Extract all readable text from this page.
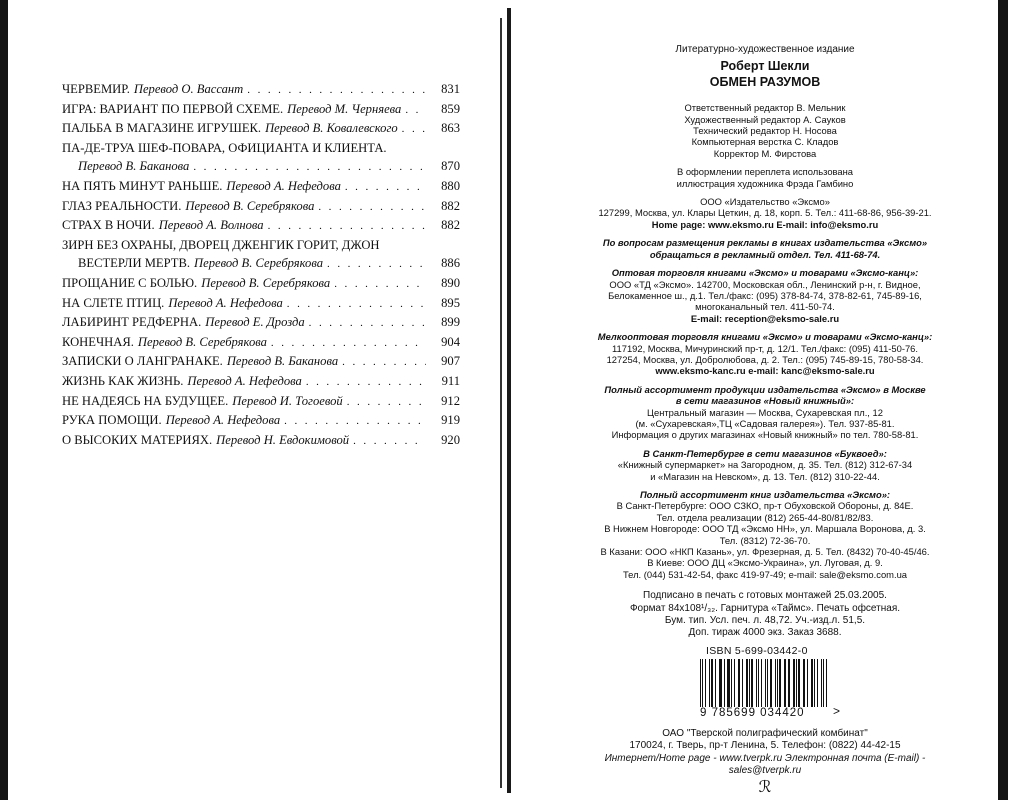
ЧЕРВЕМИР. Перевод О. Вассант . . .	831
ИГРА: ВАРИАНТ ПО ПЕРВОЙ СХЕМЕ. Перевод М. Черняева . . .	859
ПАЛЬБА В МАГАЗИНЕ ИГРУШЕК. Перевод В. Ковалевского . . .	863
ПА-ДЕ-ТРУА ШЕФ-ПОВАРА, ОФИЦИАНТА И КЛИЕНТА.
Перевод В. Баканова . . .	870
НА ПЯТЬ МИНУТ РАНЬШЕ. Перевод А. Нефедова . . .	880
ГЛАЗ РЕАЛЬНОСТИ. Перевод В. Серебрякова . . .	882
СТРАХ В НОЧИ. Перевод А. Волнова . . .	882
ЗИРН БЕЗ ОХРАНЫ, ДВОРЕЦ ДЖЕНГИК ГОРИТ, ДЖОН
ВЕСТЕРЛИ МЕРТВ. Перевод В. Серебрякова . . .	886
ПРОЩАНИЕ С БОЛЬЮ. Перевод В. Серебрякова . . .	890
НА СЛЕТЕ ПТИЦ. Перевод А. Нефедова . . .	895
ЛАБИРИНТ РЕДФЕРНА. Перевод Е. Дрозда . . .	899
КОНЕЧНАЯ. Перевод В. Серебрякова . . .	904
ЗАПИСКИ О ЛАНГРАНАКЕ. Перевод В. Баканова . . .	907
ЖИЗНЬ КАК ЖИЗНЬ. Перевод А. Нефедова . . .	911
НЕ НАДЕЯСЬ НА БУДУЩЕЕ. Перевод И. Тогоевой . . .	912
РУКА ПОМОЩИ. Перевод А. Нефедова . . .	919
О ВЫСОКИХ МАТЕРИЯХ. Перевод Н. Евдокимовой . . .	920
Литературно-художественное издание
Роберт Шекли
ОБМЕН РАЗУМОВ
Ответственный редактор В. Мельник
Художественный редактор А. Сауков
Технический редактор Н. Носова
Компьютерная верстка С. Кладов
Корректор М. Фирстова
В оформлении переплета использована
иллюстрация художника Фрэда Гамбино
ООО «Издательство «Эксмо»
127299, Москва, ул. Клары Цеткин, д. 18, корп. 5. Тел.: 411-68-86, 956-39-21.
Home page: www.eksmo.ru E-mail: info@eksmo.ru
По вопросам размещения рекламы в книгах издательства «Эксмо»
обращаться в рекламный отдел. Тел. 411-68-74.
Оптовая торговля книгами «Эксмо» и товарами «Эксмо-канц»:
ООО «ТД «Эксмо». 142700, Московская обл., Ленинский р-н, г. Видное,
Белокаменное ш., д.1. Тел./факс: (095) 378-84-74, 378-82-61, 745-89-16,
многоканальный тел. 411-50-74.
E-mail: reception@eksmo-sale.ru
Мелкооптовая торговля книгами «Эксмо» и товарами «Эксмо-канц»:
117192, Москва, Мичуринский пр-т, д. 12/1. Тел./факс: (095) 411-50-76.
127254, Москва, ул. Добролюбова, д. 2. Тел.: (095) 745-89-15, 780-58-34.
www.eksmo-kanc.ru e-mail: kanc@eksmo-sale.ru
Полный ассортимент продукции издательства «Эксмо» в Москве
в сети магазинов «Новый книжный»:
Центральный магазин — Москва, Сухаревская пл., 12
(м. «Сухаревская»,ТЦ «Садовая галерея»). Тел. 937-85-81.
Информация о других магазинах «Новый книжный» по тел. 780-58-81.
В Санкт-Петербурге в сети магазинов «Буквоед»:
«Книжный супермаркет» на Загородном, д. 35. Тел. (812) 312-67-34
и «Магазин на Невском», д. 13. Тел. (812) 310-22-44.
Полный ассортимент книг издательства «Эксмо»:
В Санкт-Петербурге: ООО СЗКО, пр-т Обуховской Обороны, д. 84Е.
Тел. отдела реализации (812) 265-44-80/81/82/83.
В Нижнем Новгороде: ООО ТД «Эксмо НН», ул. Маршала Воронова, д. 3.
Тел. (8312) 72-36-70.
В Казани: ООО «НКП Казань», ул. Фрезерная, д. 5. Тел. (8432) 70-40-45/46.
В Киеве: ООО ДЦ «Эксмо-Украина», ул. Луговая, д. 9.
Тел. (044) 531-42-54, факс 419-97-49; e-mail: sale@eksmo.com.ua
Подписано в печать с готовых монтажей 25.03.2005.
Формат 84x108¹/₃₂. Гарнитура «Таймс». Печать офсетная.
Бум. тип. Усл. печ. л. 48,72. Уч.-изд.л. 51,5.
Доп. тираж 4000 экз. Заказ 3688.
ISBN 5-699-03442-0
9 785699 034420	>
ОАО "Тверской полиграфический комбинат"
170024, г. Тверь, пр-т Ленина, 5. Телефон: (0822) 44-42-15
Интернет/Home page - www.tverpk.ru Электронная почта (E-mail) -sales@tverpk.ru
ℛ
